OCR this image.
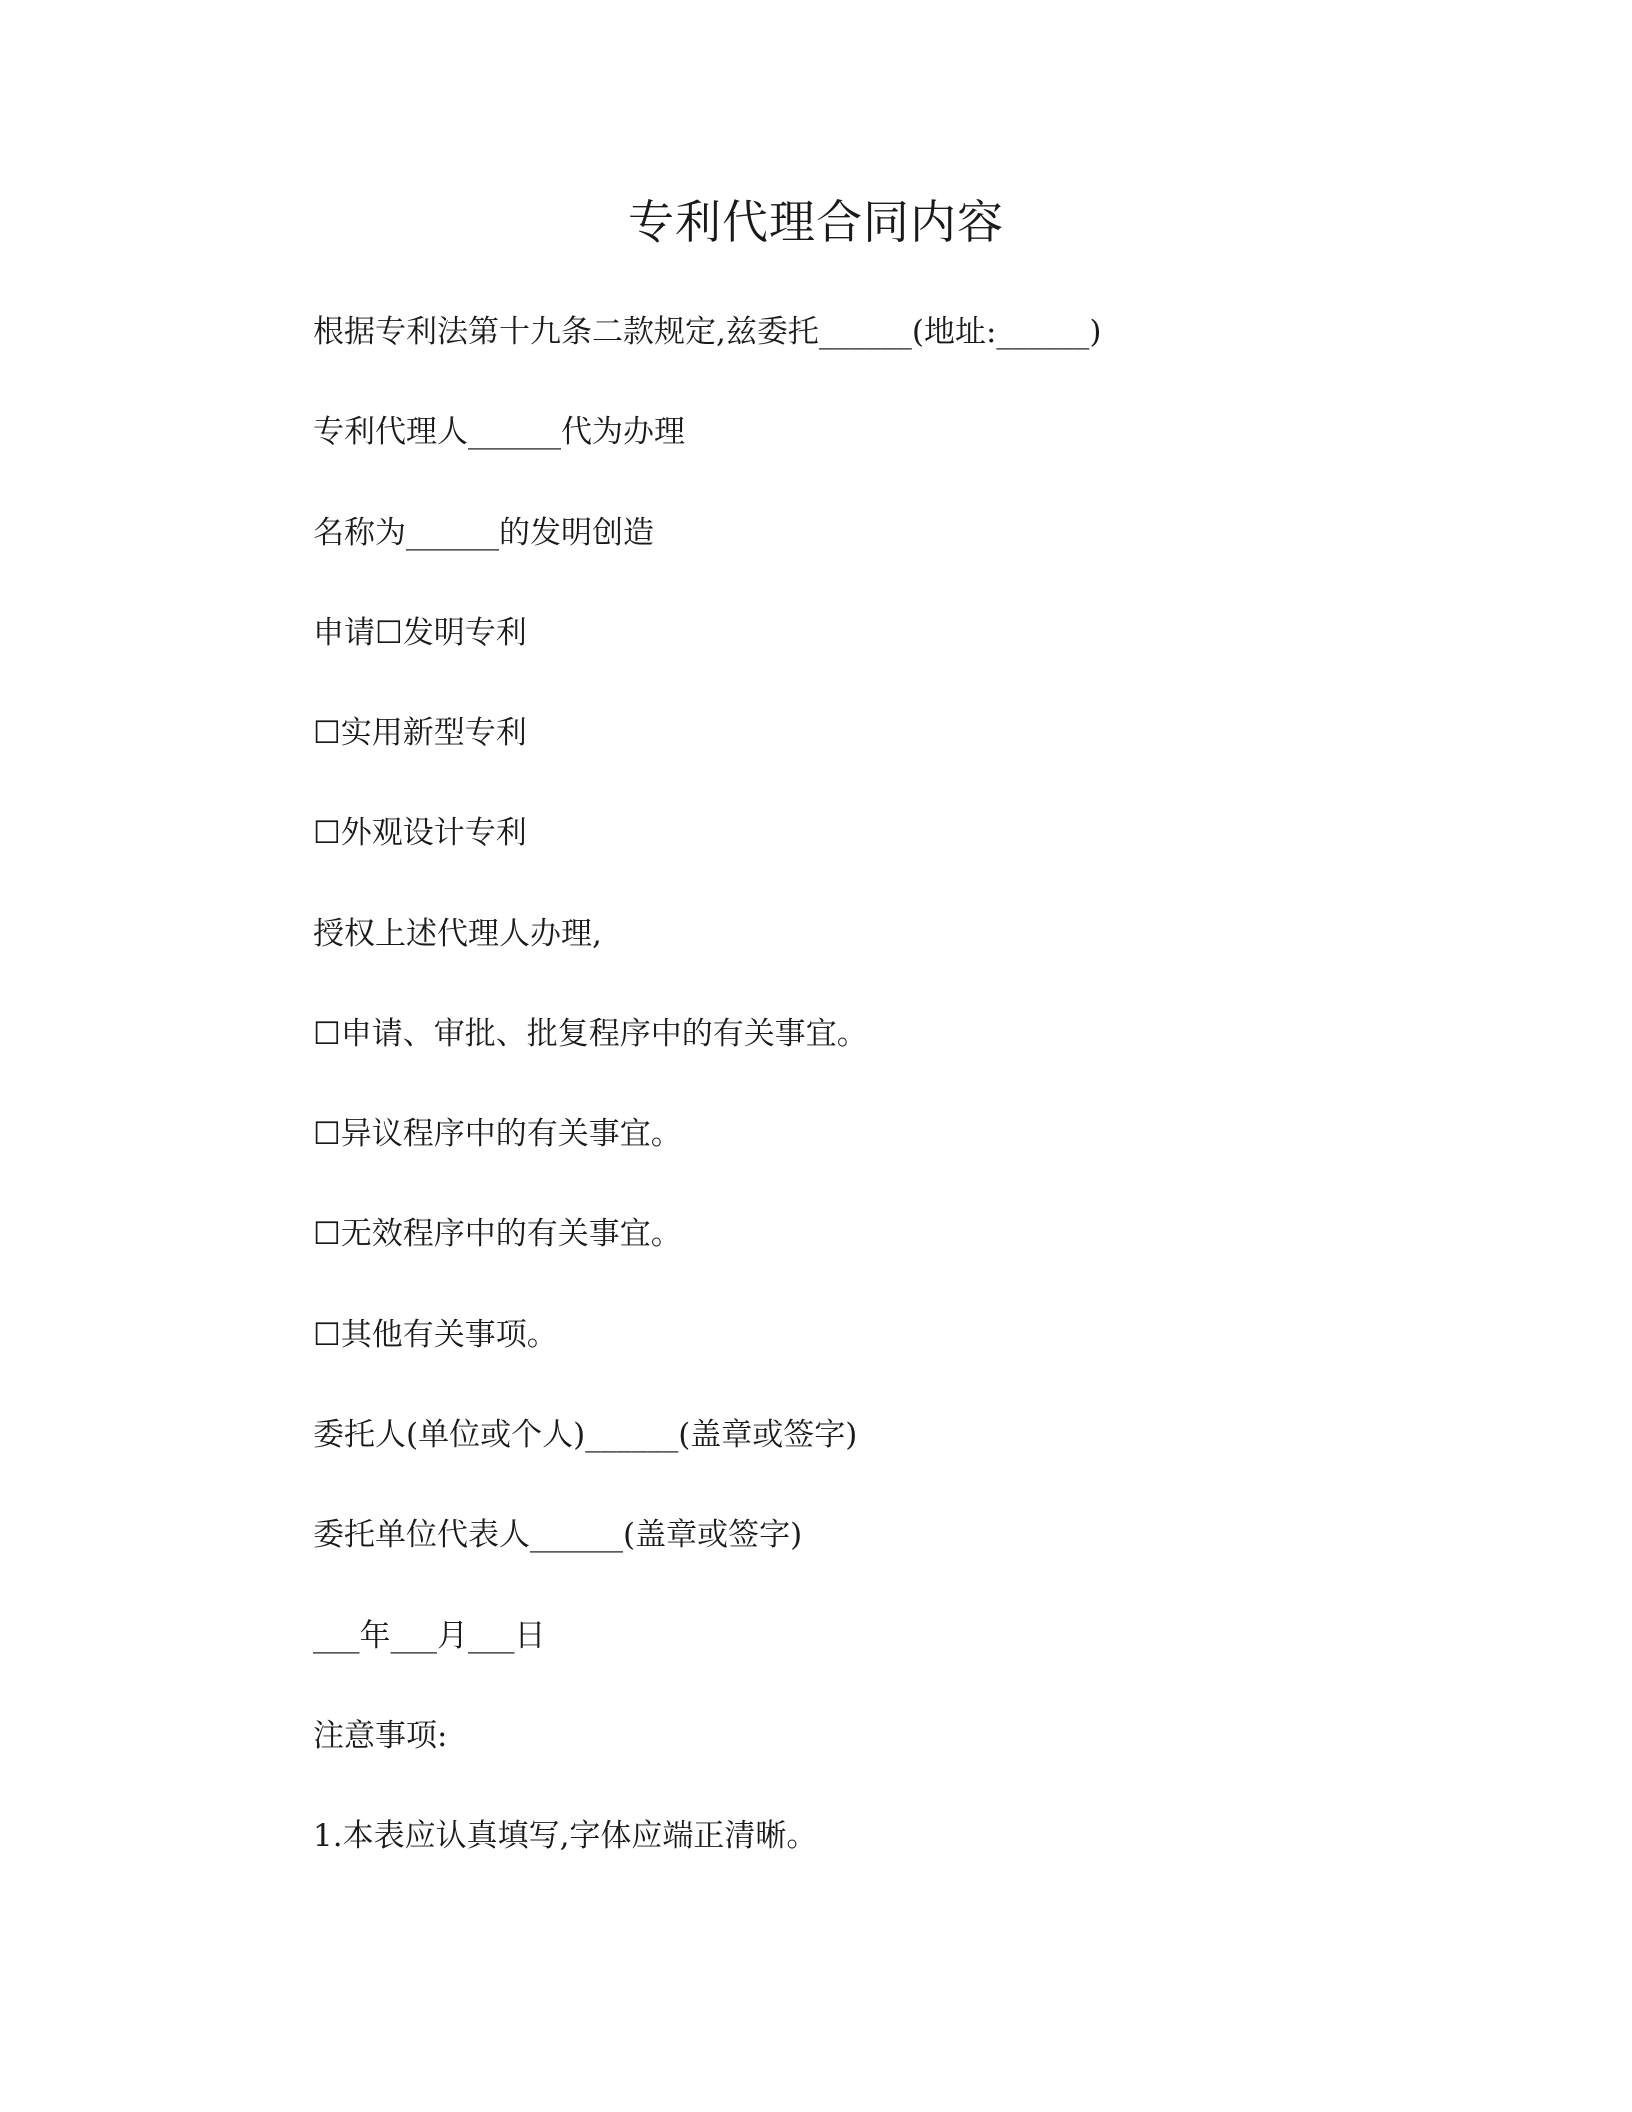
专利代理合同内容

根据专利法第十九条二款规定,兹委托______(地址:______)

专利代理人______代为办理

名称为______的发明创造

申请☐发明专利

☐实用新型专利

☐外观设计专利

授权上述代理人办理,

☐申请、审批、批复程序中的有关事宜。

☐异议程序中的有关事宜。

☐无效程序中的有关事宜。

☐其他有关事项。

委托人(单位或个人)______(盖章或签字)

委托单位代表人______(盖章或签字)

___年___月___日

注意事项:

1.本表应认真填写,字体应端正清晰。
